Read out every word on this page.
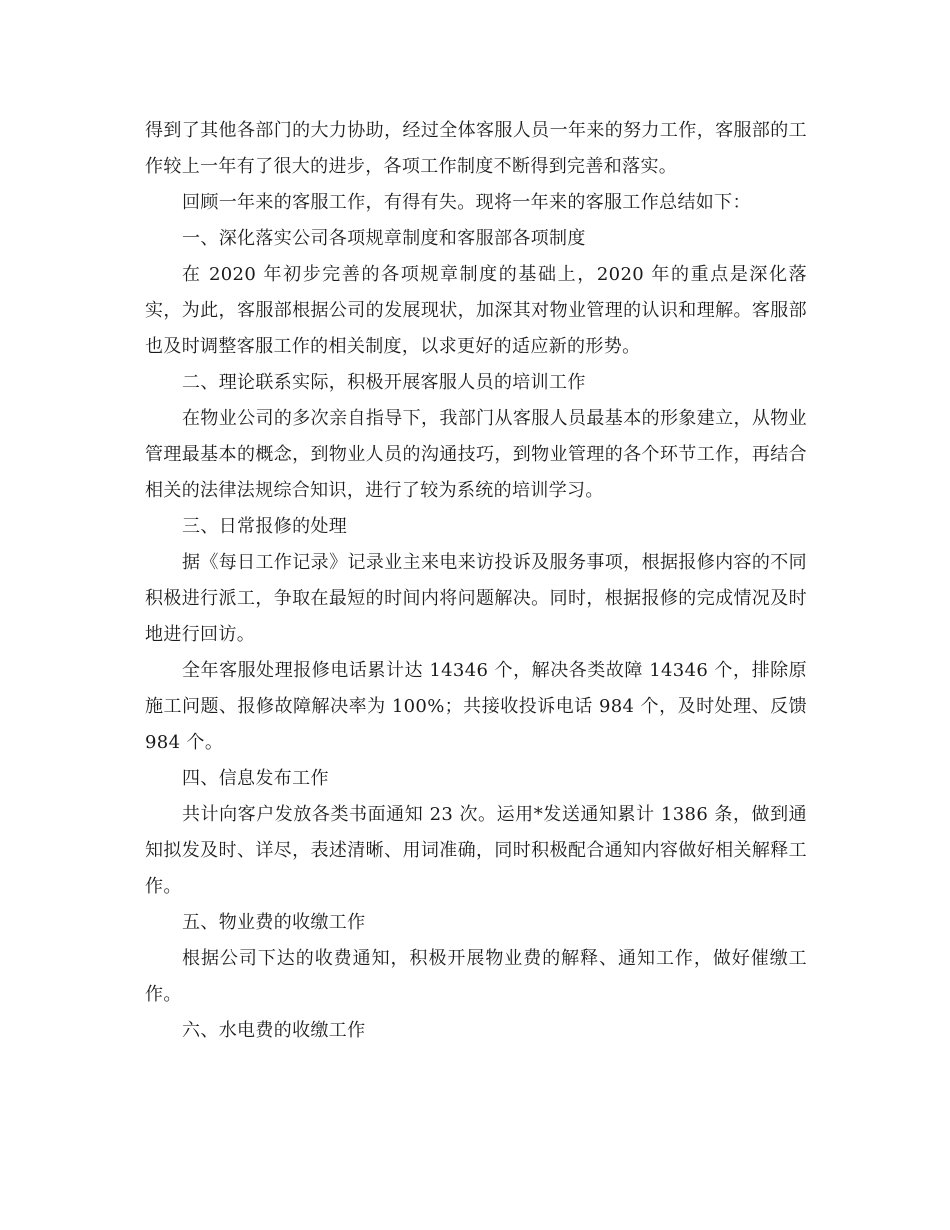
得到了其他各部门的大力协助，经过全体客服人员一年来的努力工作，客服部的工作较上一年有了很大的进步，各项工作制度不断得到完善和落实。

回顾一年来的客服工作，有得有失。现将一年来的客服工作总结如下：

一、深化落实公司各项规章制度和客服部各项制度

在 2020 年初步完善的各项规章制度的基础上，2020 年的重点是深化落实，为此，客服部根据公司的发展现状，加深其对物业管理的认识和理解。客服部也及时调整客服工作的相关制度，以求更好的适应新的形势。

二、理论联系实际，积极开展客服人员的培训工作

在物业公司的多次亲自指导下，我部门从客服人员最基本的形象建立，从物业管理最基本的概念，到物业人员的沟通技巧，到物业管理的各个环节工作，再结合相关的法律法规综合知识，进行了较为系统的培训学习。

三、日常报修的处理

据《每日工作记录》记录业主来电来访投诉及服务事项，根据报修内容的不同积极进行派工，争取在最短的时间内将问题解决。同时，根据报修的完成情况及时地进行回访。

全年客服处理报修电话累计达 14346 个，解决各类故障 14346 个，排除原施工问题、报修故障解决率为 100%；共接收投诉电话 984 个，及时处理、反馈 984 个。

四、信息发布工作

共计向客户发放各类书面通知 23 次。运用*发送通知累计 1386 条，做到通知拟发及时、详尽，表述清晰、用词准确，同时积极配合通知内容做好相关解释工作。

五、物业费的收缴工作

根据公司下达的收费通知，积极开展物业费的解释、通知工作，做好催缴工作。

六、水电费的收缴工作
